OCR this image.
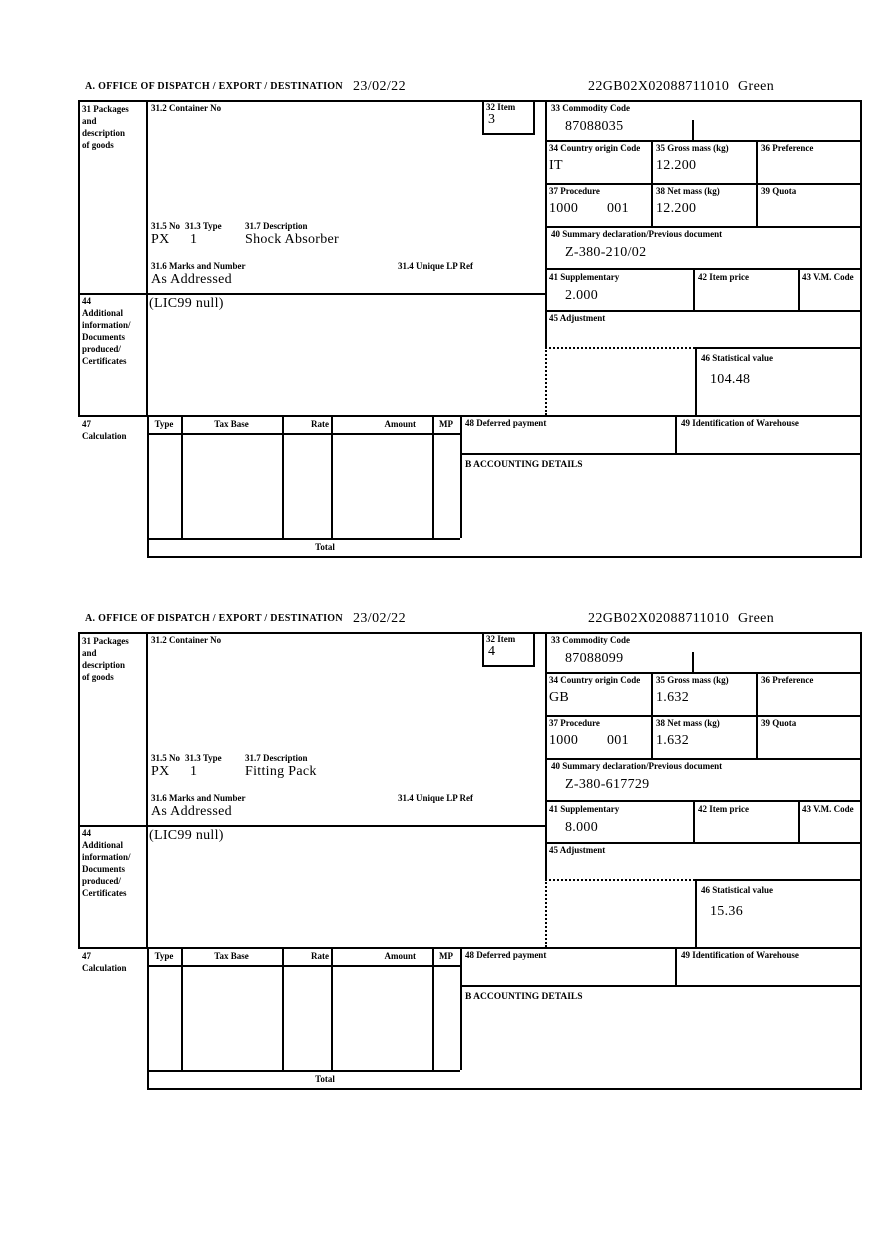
A. OFFICE OF DISPATCH / EXPORT / DESTINATION 23/02/22	22GB02X02088711010 Green
31 Packages
and
description
of goods
31.2 Container No	32 Item
3
33 Commodity Code
87088035
34 Country origin Code
IT
35 Gross mass (kg)
12.200
36 Preference
37 Procedure
1000 001
38 Net mass (kg)
12.200
39 Quota
31.5 No 31.3 Type	31.7 Description
PX 1	Shock Absorber
31.6 Marks and Number	31.4 Unique LP Ref
As Addressed
40 Summary declaration/Previous document
Z-380-210/02
41 Supplementary
2.000
42 Item price	43 V.M. Code
44
Additional
information/
Documents
produced/
Certificates
(LIC99 null)
45 Adjustment
46 Statistical value
104.48
47
Calculation
Type	Tax Base	Rate	Amount	MP	48 Deferred payment	49 Identification of Warehouse
B ACCOUNTING DETAILS
Total
A. OFFICE OF DISPATCH / EXPORT / DESTINATION 23/02/22	22GB02X02088711010 Green
31 Packages
and
description
of goods
31.2 Container No	32 Item
4
33 Commodity Code
87088099
34 Country origin Code
GB
35 Gross mass (kg)
1.632
36 Preference
37 Procedure
1000 001
38 Net mass (kg)
1.632
39 Quota
31.5 No 31.3 Type	31.7 Description
PX 1	Fitting Pack
31.6 Marks and Number	31.4 Unique LP Ref
As Addressed
40 Summary declaration/Previous document
Z-380-617729
41 Supplementary
8.000
42 Item price	43 V.M. Code
44
Additional
information/
Documents
produced/
Certificates
(LIC99 null)
45 Adjustment
46 Statistical value
15.36
47
Calculation
Type	Tax Base	Rate	Amount	MP	48 Deferred payment	49 Identification of Warehouse
B ACCOUNTING DETAILS
Total
